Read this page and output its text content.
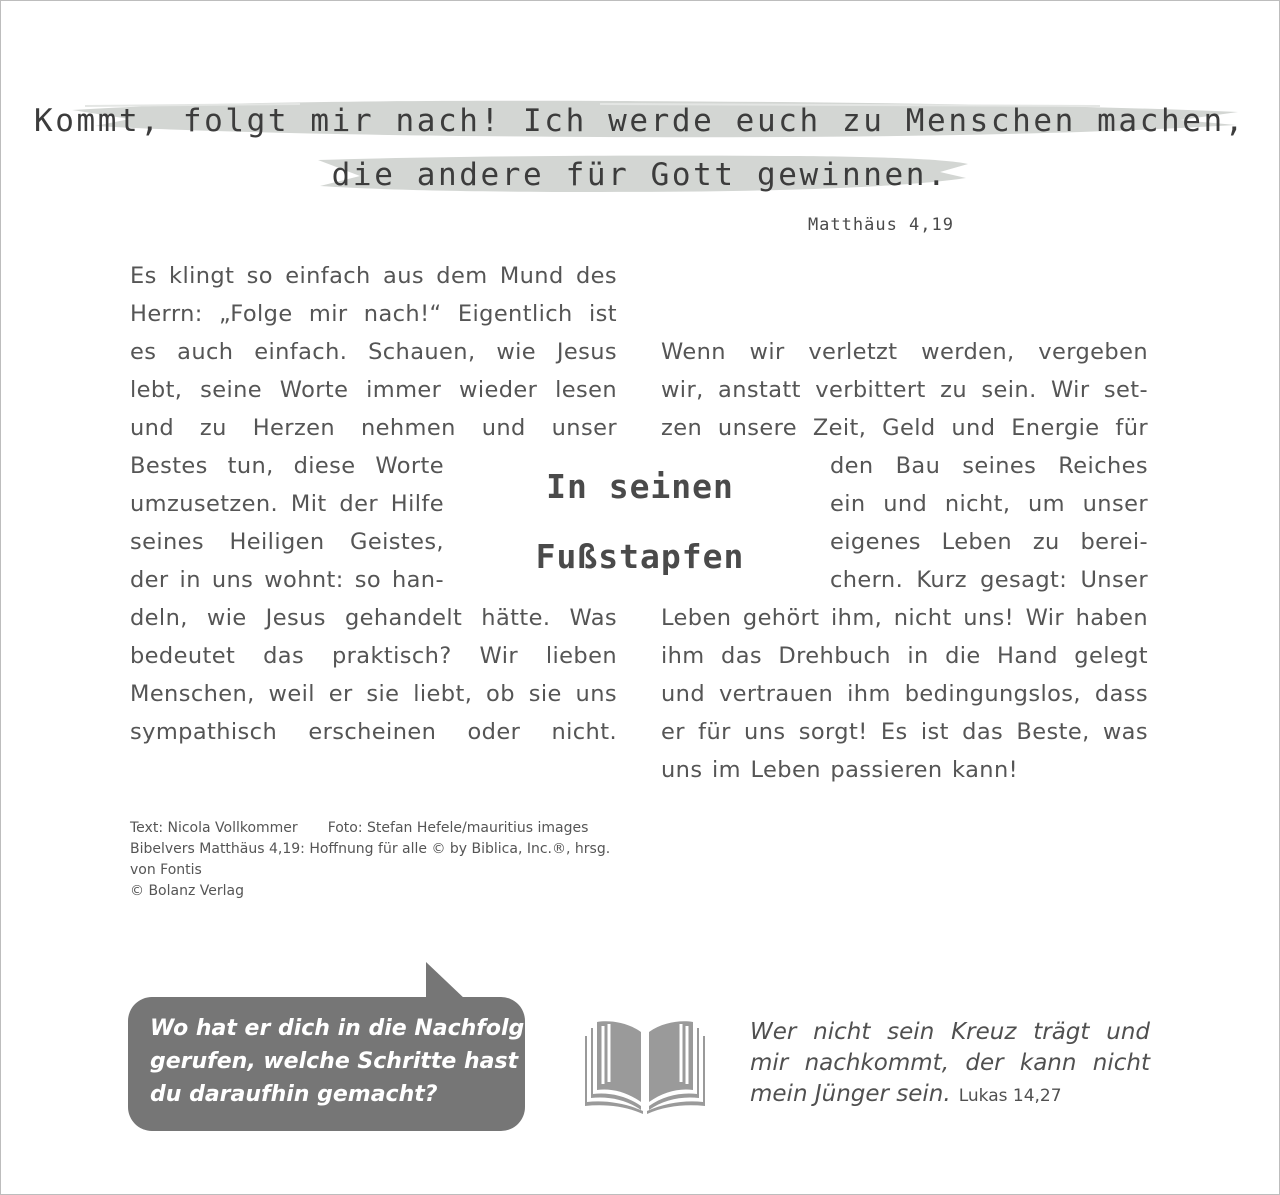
Kommt, folgt mir nach! Ich werde euch zu Menschen machen,
die andere für Gott gewinnen.
Matthäus 4,19
Es klingt so einfach aus dem Mund des
Herrn: „Folge mir nach!“ Eigentlich ist
es auch einfach. Schauen, wie Jesus
lebt, seine Worte immer wieder lesen
und zu Herzen nehmen und unser
Bestes tun, diese Worte
umzusetzen. Mit der Hilfe
seines Heiligen Geistes,
der in uns wohnt: so han-
deln, wie Jesus gehandelt hätte. Was
bedeutet das praktisch? Wir lieben
Menschen, weil er sie liebt, ob sie uns
sympathisch erscheinen oder nicht.
In seinen
Fußstapfen
Wenn wir verletzt werden, vergeben
wir, anstatt verbittert zu sein. Wir set-
zen unsere Zeit, Geld und Energie für
den Bau seines Reiches
ein und nicht, um unser
eigenes Leben zu berei-
chern. Kurz gesagt: Unser
Leben gehört ihm, nicht uns! Wir haben
ihm das Drehbuch in die Hand gelegt
und vertrauen ihm bedingungslos, dass
er für uns sorgt! Es ist das Beste, was
uns im Leben passieren kann!
Text: Nicola Vollkommer Foto: Stefan Hefele/mauritius images
Bibelvers Matthäus 4,19: Hoffnung für alle © by Biblica, Inc.®, hrsg.
von Fontis
© Bolanz Verlag
Wo hat er dich in die Nachfolge
gerufen, welche Schritte hast
du daraufhin gemacht?
Wer nicht sein Kreuz trägt und
mir nachkommt, der kann nicht
mein Jünger sein. Lukas 14,27
